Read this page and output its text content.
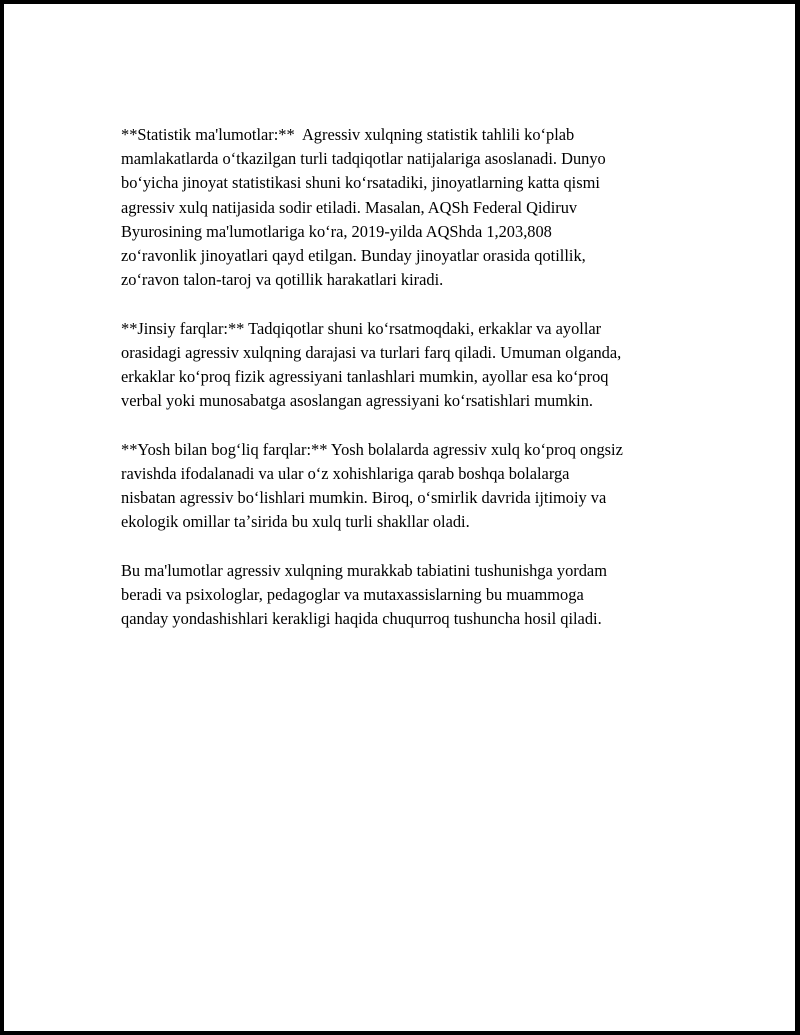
**Statistik ma'lumotlar:**  Agressiv xulqning statistik tahlili koʻplab
mamlakatlarda oʻtkazilgan turli tadqiqotlar natijalariga asoslanadi. Dunyo
boʻyicha jinoyat statistikasi shuni koʻrsatadiki, jinoyatlarning katta qismi
agressiv xulq natijasida sodir etiladi. Masalan, AQSh Federal Qidiruv
Byurosining ma'lumotlariga koʻra, 2019-yilda AQShda 1,203,808
zoʻravonlik jinoyatlari qayd etilgan. Bunday jinoyatlar orasida qotillik,
zoʻravon talon-taroj va qotillik harakatlari kiradi.

**Jinsiy farqlar:** Tadqiqotlar shuni koʻrsatmoqdaki, erkaklar va ayollar
orasidagi agressiv xulqning darajasi va turlari farq qiladi. Umuman olganda,
erkaklar koʻproq fizik agressiyani tanlashlari mumkin, ayollar esa koʻproq
verbal yoki munosabatga asoslangan agressiyani koʻrsatishlari mumkin.

**Yosh bilan bogʻliq farqlar:** Yosh bolalarda agressiv xulq koʻproq ongsiz
ravishda ifodalanadi va ular oʻz xohishlariga qarab boshqa bolalarga
nisbatan agressiv boʻlishlari mumkin. Biroq, oʻsmirlik davrida ijtimoiy va
ekologik omillar taʼsirida bu xulq turli shakllar oladi.

Bu ma'lumotlar agressiv xulqning murakkab tabiatini tushunishga yordam
beradi va psixologlar, pedagoglar va mutaxassislarning bu muammoga
qanday yondashishlari kerakligi haqida chuqurroq tushuncha hosil qiladi.
